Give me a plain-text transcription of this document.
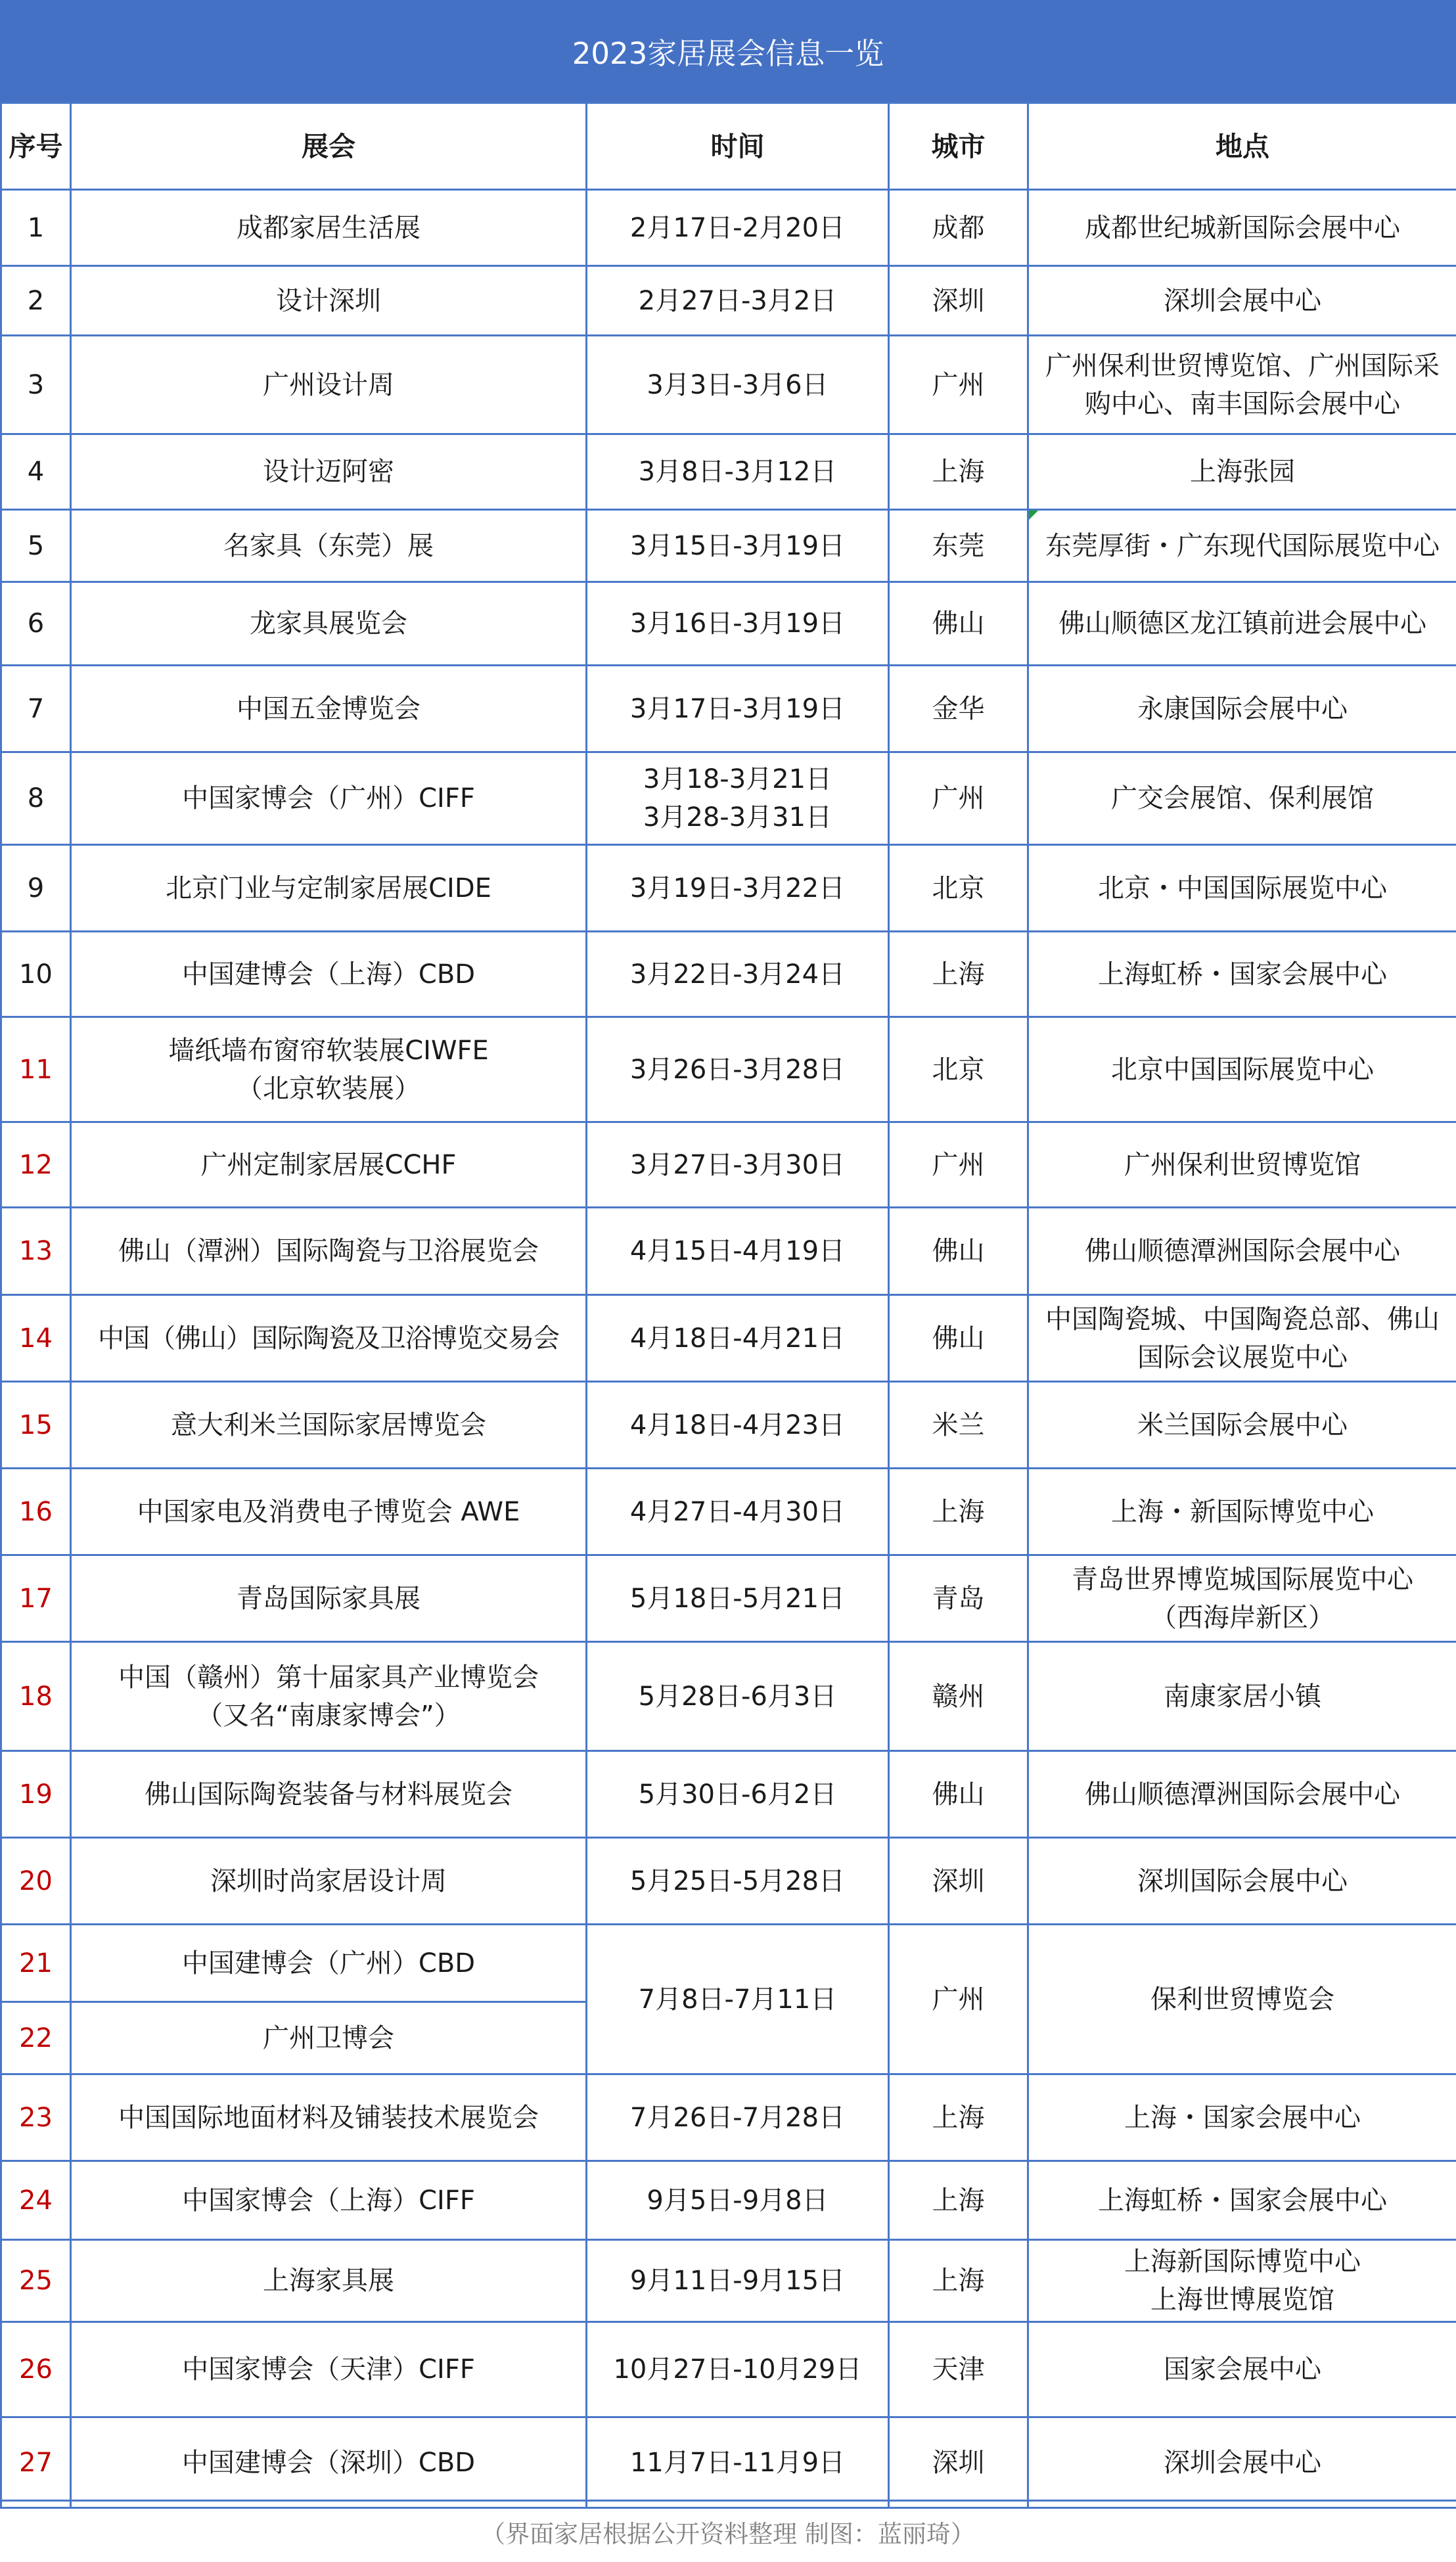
2023家居展会信息一览
序号	展会	时间	城市	地点
1	成都家居生活展	2月17日-2月20日	成都	成都世纪城新国际会展中心
2	设计深圳	2月27日-3月2日	深圳	深圳会展中心
3	广州设计周	3月3日-3月6日	广州	广州保利世贸博览馆、广州国际采购中心、南丰国际会展中心
4	设计迈阿密	3月8日-3月12日	上海	上海张园
5	名家具（东莞）展	3月15日-3月19日	东莞	东莞厚街・广东现代国际展览中心
6	龙家具展览会	3月16日-3月19日	佛山	佛山顺德区龙江镇前进会展中心
7	中国五金博览会	3月17日-3月19日	金华	永康国际会展中心
8	中国家博会（广州）CIFF	3月18-3月21日
3月28-3月31日	广州	广交会展馆、保利展馆
9	北京门业与定制家居展CIDE	3月19日-3月22日	北京	北京・中国国际展览中心
10	中国建博会（上海）CBD	3月22日-3月24日	上海	上海虹桥・国家会展中心
11	墙纸墙布窗帘软装展CIWFE
（北京软装展）	3月26日-3月28日	北京	北京中国国际展览中心
12	广州定制家居展CCHF	3月27日-3月30日	广州	广州保利世贸博览馆
13	佛山（潭洲）国际陶瓷与卫浴展览会	4月15日-4月19日	佛山	佛山顺德潭洲国际会展中心
14	中国（佛山）国际陶瓷及卫浴博览交易会	4月18日-4月21日	佛山	中国陶瓷城、中国陶瓷总部、佛山国际会议展览中心
15	意大利米兰国际家居博览会	4月18日-4月23日	米兰	米兰国际会展中心
16	中国家电及消费电子博览会 AWE	4月27日-4月30日	上海	上海・新国际博览中心
17	青岛国际家具展	5月18日-5月21日	青岛	青岛世界博览城国际展览中心
（西海岸新区）

18	中国（赣州）第十届家具产业博览会
（又名“南康家博会”）	5月28日-6月3日	赣州	南康家居小镇
19	佛山国际陶瓷装备与材料展览会	5月30日-6月2日	佛山	佛山顺德潭洲国际会展中心
20	深圳时尚家居设计周	5月25日-5月28日	深圳	深圳国际会展中心
21	中国建博会（广州）CBD	7月8日-7月11日	广州	保利世贸博览会
22	广州卫博会			
23	中国国际地面材料及铺装技术展览会	7月26日-7月28日	上海	上海・国家会展中心
24	中国家博会（上海）CIFF	9月5日-9月8日	上海	上海虹桥・国家会展中心
25	上海家具展	9月11日-9月15日	上海	上海新国际博览中心
上海世博展览馆

26	中国家博会（天津）CIFF	10月27日-10月29日	天津	国家会展中心
27	中国建博会（深圳）CBD	11月7日-11月9日	深圳	深圳会展中心
（界面家居根据公开资料整理 制图：蓝丽琦）
